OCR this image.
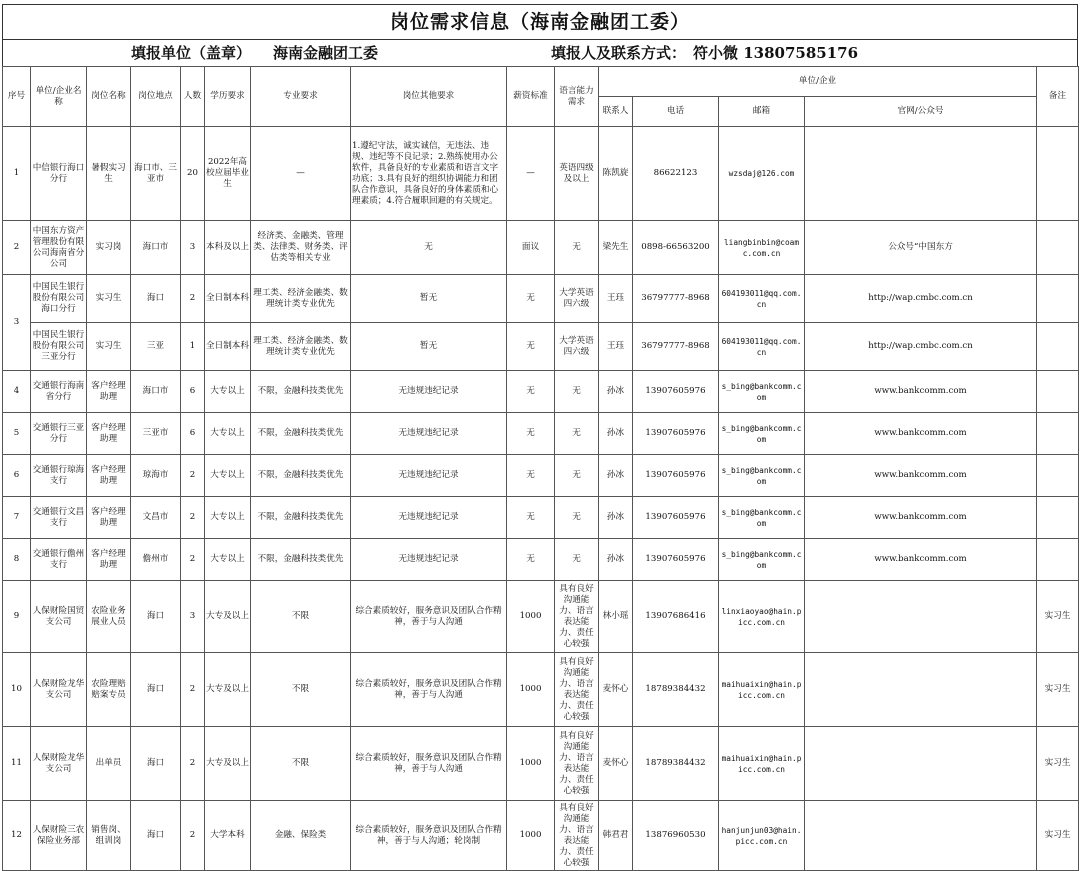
岗位需求信息（海南金融团工委）
填报单位（盖章） 海南金融团工委	填报人及联系方式： 符小微 13807585176
序号	单位/企业名称	岗位名称	岗位地点	人数	学历要求	专业要求	岗位其他要求	薪资标准	语言能力需求	单位/企业				备注
										联系人	电话	邮箱	官网/公众号	
1	中信银行海口分行	暑假实习生	海口市、三亚市	20	2022年高校应届毕业生	—	1.遵纪守法，诚实诚信，无违法、违规、违纪等不良记录；2.熟练使用办公软件，具备良好的专业素质和语言文字功底；3.具有良好的组织协调能力和团队合作意识，具备良好的身体素质和心理素质；4.符合履职回避的有关规定。	—	英语四级及以上	陈凯旋	86622123	wzsdaj@126.com		
2	中国东方资产管理股份有限公司海南省分公司	实习岗	海口市	3	本科及以上	经济类、金融类、管理类、法律类、财务类、评估类等相关专业	无	面议	无	梁先生	0898-66563200	liangbinbin@coamc.com.cn	公众号“中国东方	
3	中国民生银行股份有限公司海口分行	实习生	海口	2	全日制本科	理工类、经济金融类、数理统计类专业优先	暂无	无	大学英语四六级	王珏	36797777-8968	604193011@qq.com.cn	http://wap.cmbc.com.cn	
	中国民生银行股份有限公司三亚分行	实习生	三亚	1	全日制本科	理工类、经济金融类、数理统计类专业优先	暂无	无	大学英语四六级	王珏	36797777-8968	604193011@qq.com.cn	http://wap.cmbc.com.cn	
4	交通银行海南省分行	客户经理助理	海口市	6	大专以上	不限，金融科技类优先	无违规违纪记录	无	无	孙冰	13907605976	s_bing@bankcomm.com	www.bankcomm.com	
5	交通银行三亚分行	客户经理助理	三亚市	6	大专以上	不限，金融科技类优先	无违规违纪记录	无	无	孙冰	13907605976	s_bing@bankcomm.com	www.bankcomm.com	
6	交通银行琼海支行	客户经理助理	琼海市	2	大专以上	不限，金融科技类优先	无违规违纪记录	无	无	孙冰	13907605976	s_bing@bankcomm.com	www.bankcomm.com	
7	交通银行文昌支行	客户经理助理	文昌市	2	大专以上	不限，金融科技类优先	无违规违纪记录	无	无	孙冰	13907605976	s_bing@bankcomm.com	www.bankcomm.com	
8	交通银行儋州支行	客户经理助理	儋州市	2	大专以上	不限，金融科技类优先	无违规违纪记录	无	无	孙冰	13907605976	s_bing@bankcomm.com	www.bankcomm.com	
9	人保财险国贸支公司	农险业务展业人员	海口	3	大专及以上	不限	综合素质较好，服务意识及团队合作精神，善于与人沟通	1000	具有良好沟通能力、语言表达能力、责任心较强	林小瑶	13907686416	linxiaoyao@hain.picc.com.cn		实习生
10	人保财险龙华支公司	农险理赔赔案专员	海口	2	大专及以上	不限	综合素质较好，服务意识及团队合作精神，善于与人沟通	1000	具有良好沟通能力、语言表达能力、责任心较强	麦怀心	18789384432	maihuaixin@hain.picc.com.cn		实习生
11	人保财险龙华支公司	出单员	海口	2	大专及以上	不限	综合素质较好，服务意识及团队合作精神，善于与人沟通	1000	具有良好沟通能力、语言表达能力、责任心较强	麦怀心	18789384432	maihuaixin@hain.picc.com.cn		实习生
12	人保财险三农保险业务部	销售岗、组训岗	海口	2	大学本科	金融、保险类	综合素质较好，服务意识及团队合作精神，善于与人沟通；轮岗制	1000	具有良好沟通能力、语言表达能力、责任心较强	韩君君	13876960530	hanjunjun03@hain.picc.com.cn		实习生
